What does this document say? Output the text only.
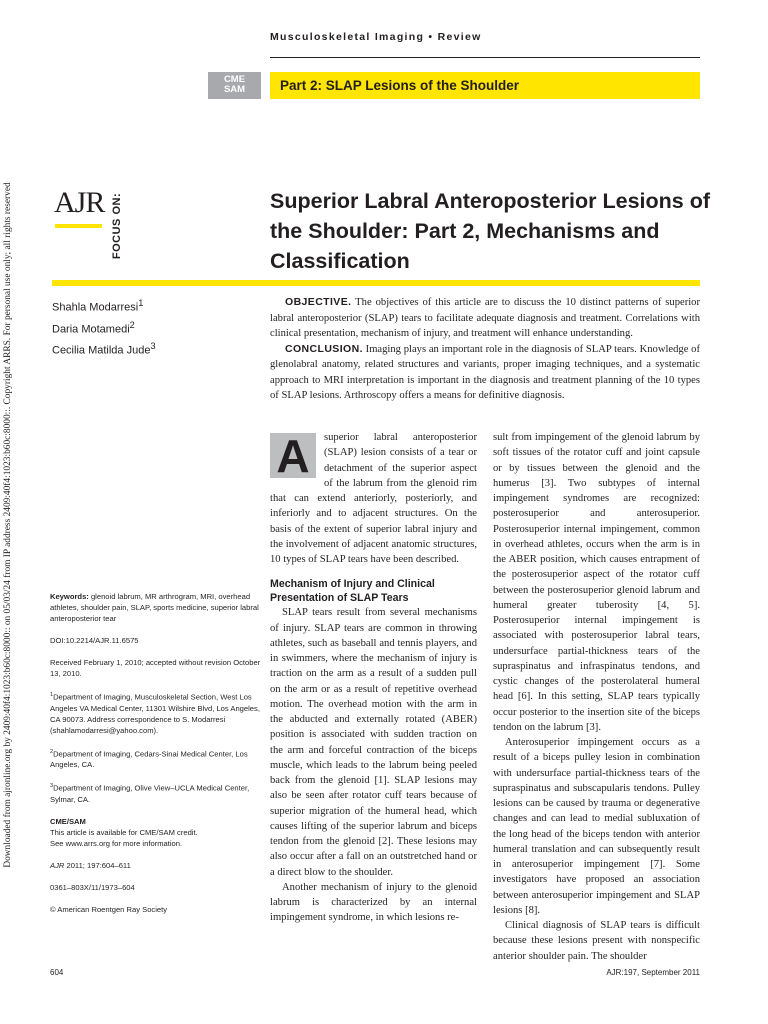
Downloaded from ajronline.org by 2409:40f4:1023:b60c:8000:: on 05/03/24 from IP address 2409:40f4:1023:b60c:8000::. Copyright ARRS. For personal use only; all rights reserved
Musculoskeletal Imaging • Review
CME
SAM	Part 2: SLAP Lesions of the Shoulder
AJR FOCUS ON:	Superior Labral Anteroposterior Lesions of the Shoulder: Part 2, Mechanisms and Classification
Shahla Modarresi$^1$
Daria Motamedi$^2$
Cecilia Matilda Jude$^3$

OBJECTIVE. The objectives of this article are to discuss the 10 distinct patterns of superior labral anteroposterior (SLAP) tears to facilitate adequate diagnosis and treatment. Correlations with clinical presentation, mechanism of injury, and treatment will enhance understanding.

CONCLUSION. Imaging plays an important role in the diagnosis of SLAP tears. Knowledge of glenolabral anatomy, related structures and variants, proper imaging techniques, and a systematic approach to MRI interpretation is important in the diagnosis and treatment planning of the 10 types of SLAP lesions. Arthroscopy offers a means for definitive diagnosis.

Keywords: glenoid labrum, MR arthrogram, MRI, overhead athletes, shoulder pain, SLAP, sports medicine, superior labral anteroposterior tear

DOI:10.2214/AJR.11.6575

Received February 1, 2010; accepted without revision October 13, 2010.

$^1$Department of Imaging, Musculoskeletal Section, West Los Angeles VA Medical Center, 11301 Wilshire Blvd, Los Angeles, CA 90073. Address correspondence to S. Modarresi (shahlamodarresi@yahoo.com).

$^2$Department of Imaging, Cedars-Sinai Medical Center, Los Angeles, CA.

$^3$Department of Imaging, Olive View–UCLA Medical Center, Sylmar, CA.

CME/SAM
This article is available for CME/SAM credit.
See www.arrs.org for more information.

AJR 2011; 197:604–611

0361–803X/11/1973–604

© American Roentgen Ray Society

A	superior labral anteroposterior (SLAP) lesion consists of a tear or detachment of the superior aspect of the labrum from the glenoid rim that can extend anteriorly, posteriorly, and inferiorly and to adjacent structures. On the basis of the extent of superior labral injury and the involvement of adjacent anatomic structures, 10 types of SLAP tears have been described.

Mechanism of Injury and Clinical Presentation of SLAP Tears

SLAP tears result from several mechanisms of injury. SLAP tears are common in throwing athletes, such as baseball and tennis players, and in swimmers, where the mechanism of injury is traction on the arm as a result of a sudden pull on the arm or as a result of repetitive overhead motion. The overhead motion with the arm in the abducted and externally rotated (ABER) position is associated with sudden traction on the arm and forceful contraction of the biceps muscle, which leads to the labrum being peeled back from the glenoid [1]. SLAP lesions may also be seen after rotator cuff tears because of superior migration of the humeral head, which causes lifting of the superior labrum and biceps tendon from the glenoid [2]. These lesions may also occur after a fall on an outstretched hand or a direct blow to the shoulder.

Another mechanism of injury to the glenoid labrum is characterized by an internal impingement syndrome, in which lesions re-

sult from impingement of the glenoid labrum by soft tissues of the rotator cuff and joint capsule or by tissues between the glenoid and the humerus [3]. Two subtypes of internal impingement syndromes are recognized: posterosuperior and anterosuperior. Posterosuperior internal impingement, common in overhead athletes, occurs when the arm is in the ABER position, which causes entrapment of the posterosuperior aspect of the rotator cuff between the posterosuperior glenoid labrum and humeral greater tuberosity [4, 5]. Posterosuperior internal impingement is associated with posterosuperior labral tears, undersurface partial-thickness tears of the supraspinatus and infraspinatus tendons, and cystic changes of the posterolateral humeral head [6]. In this setting, SLAP tears typically occur posterior to the insertion site of the biceps tendon on the labrum [3].

Anterosuperior impingement occurs as a result of a biceps pulley lesion in combination with undersurface partial-thickness tears of the supraspinatus and subscapularis tendons. Pulley lesions can be caused by trauma or degenerative changes and can lead to medial subluxation of the long head of the biceps tendon with anterior humeral translation and can subsequently result in anterosuperior impingement [7]. Some investigators have proposed an association between anterosuperior impingement and SLAP lesions [8].

Clinical diagnosis of SLAP tears is difficult because these lesions present with nonspecific anterior shoulder pain. The shoulder

604	AJR:197, September 2011
